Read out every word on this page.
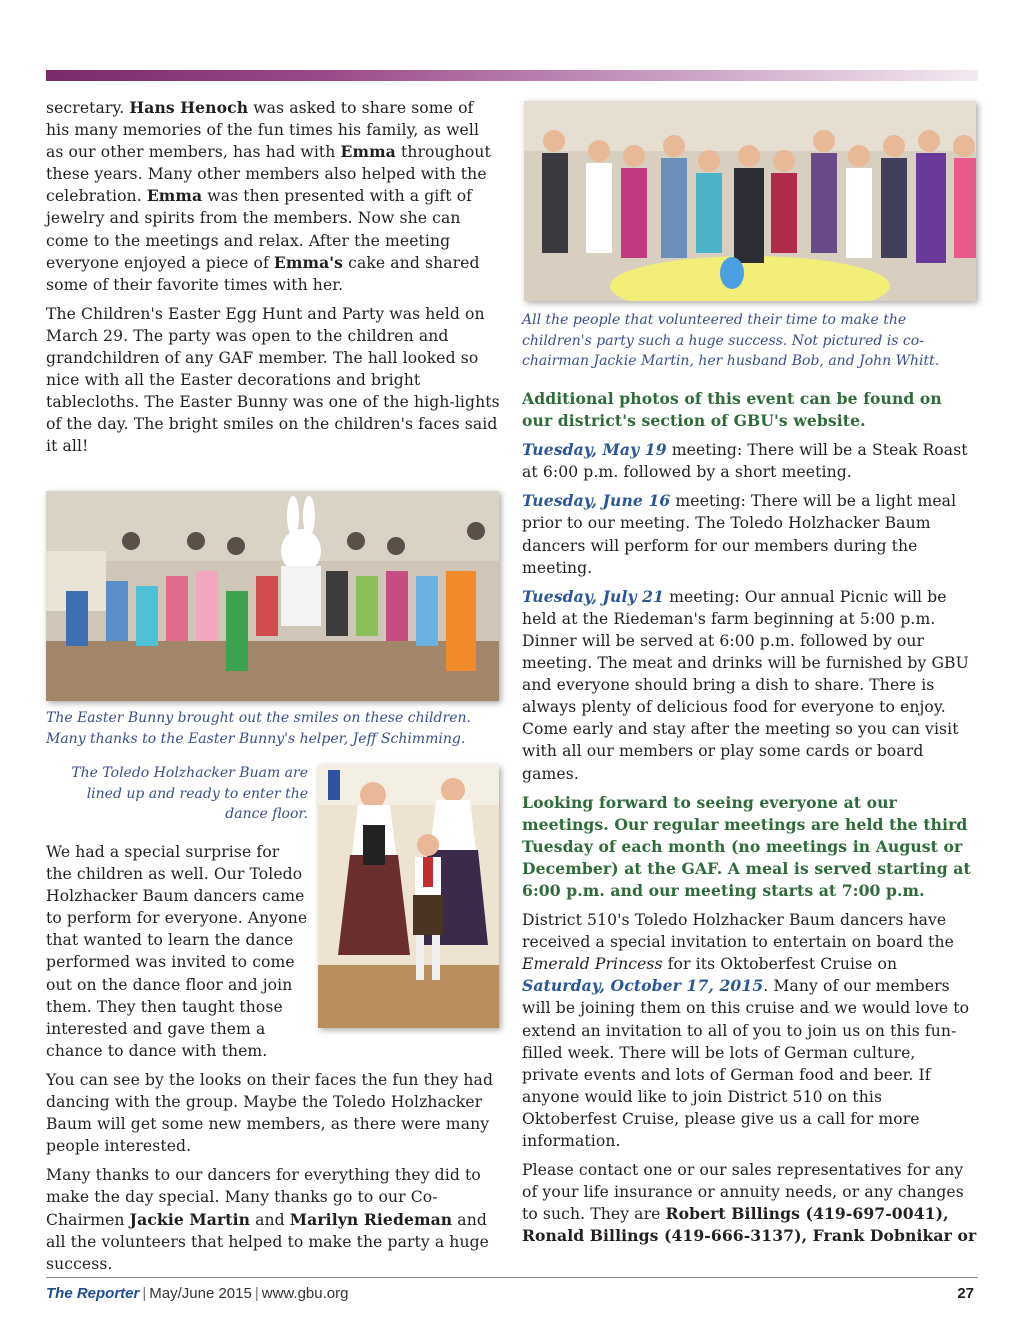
secretary. Hans Henoch was asked to share some of his many memories of the fun times his family, as well as our other members, has had with Emma throughout these years. Many other members also helped with the celebration. Emma was then presented with a gift of jewelry and spirits from the members. Now she can come to the meetings and relax. After the meeting everyone enjoyed a piece of Emma's cake and shared some of their favorite times with her.

The Children's Easter Egg Hunt and Party was held on March 29. The party was open to the children and grandchildren of any GAF member. The hall looked so nice with all the Easter decorations and bright tablecloths. The Easter Bunny was one of the high-lights of the day. The bright smiles on the children's faces said it all!

The Easter Bunny brought out the smiles on these children. Many thanks to the Easter Bunny's helper, Jeff Schimming.
The Toledo Holzhacker Buam are lined up and ready to enter the dance floor.

We had a special surprise for the children as well. Our Toledo Holzhacker Baum dancers came to perform for everyone. Anyone that wanted to learn the dance performed was invited to come out on the dance floor and join them. They then taught those interested and gave them a chance to dance with them.

You can see by the looks on their faces the fun they had dancing with the group. Maybe the Toledo Holzhacker Baum will get some new members, as there were many people interested.

Many thanks to our dancers for everything they did to make the day special. Many thanks go to our Co-Chairmen Jackie Martin and Marilyn Riedeman and all the volunteers that helped to make the party a huge success.

All the people that volunteered their time to make the children's party such a huge success. Not pictured is co-chairman Jackie Martin, her husband Bob, and John Whitt.

Additional photos of this event can be found on our district's section of GBU's website.

Tuesday, May 19 meeting: There will be a Steak Roast at 6:00 p.m. followed by a short meeting.

Tuesday, June 16 meeting: There will be a light meal prior to our meeting. The Toledo Holzhacker Baum dancers will perform for our members during the meeting.

Tuesday, July 21 meeting: Our annual Picnic will be held at the Riedeman's farm beginning at 5:00 p.m. Dinner will be served at 6:00 p.m. followed by our meeting. The meat and drinks will be furnished by GBU and everyone should bring a dish to share. There is always plenty of delicious food for everyone to enjoy. Come early and stay after the meeting so you can visit with all our members or play some cards or board games.

Looking forward to seeing everyone at our meetings. Our regular meetings are held the third Tuesday of each month (no meetings in August or December) at the GAF. A meal is served starting at 6:00 p.m. and our meeting starts at 7:00 p.m.

District 510's Toledo Holzhacker Baum dancers have received a special invitation to entertain on board the Emerald Princess for its Oktoberfest Cruise on Saturday, October 17, 2015. Many of our members will be joining them on this cruise and we would love to extend an invitation to all of you to join us on this fun-filled week. There will be lots of German culture, private events and lots of German food and beer. If anyone would like to join District 510 on this Oktoberfest Cruise, please give us a call for more information.

Please contact one or our sales representatives for any of your life insurance or annuity needs, or any changes to such. They are Robert Billings (419-697-0041), Ronald Billings (419-666-3137), Frank Dobnikar or

The Reporter | May/June 2015 | www.gbu.org	27
